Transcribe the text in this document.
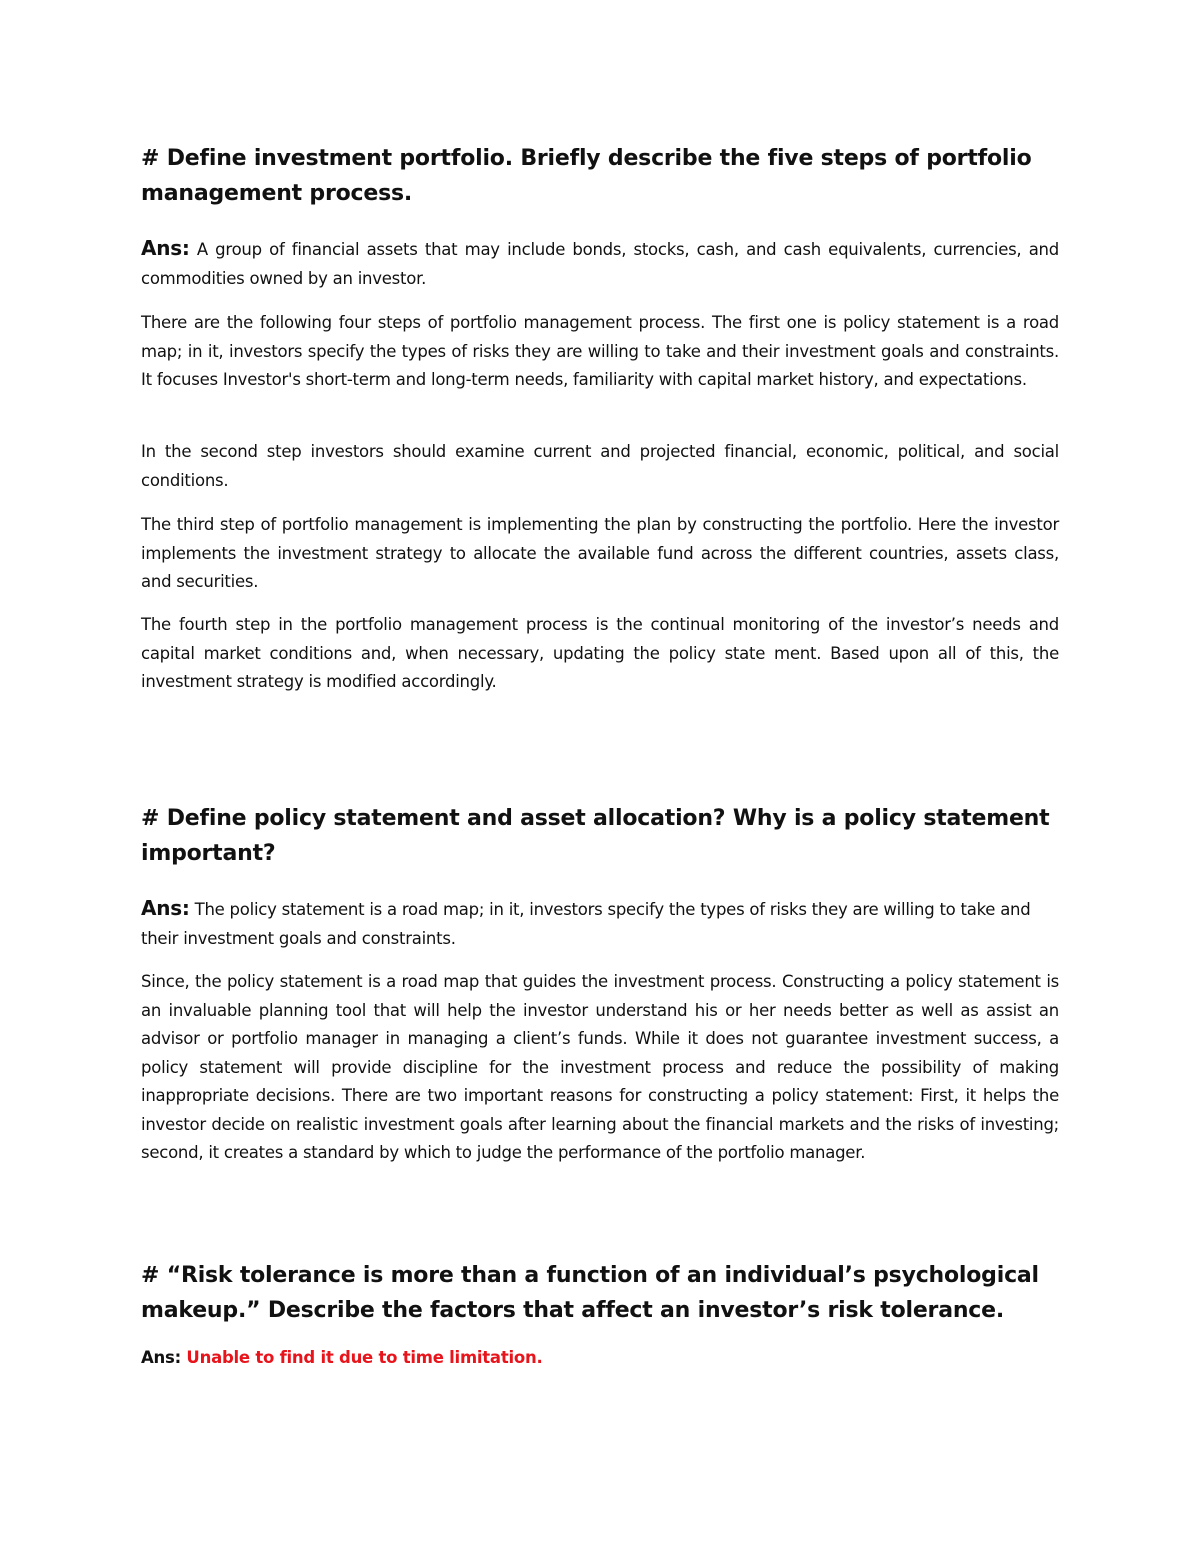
# Define investment portfolio. Briefly describe the five steps of portfolio management process.

Ans: A group of financial assets that may include bonds, stocks, cash, and cash equivalents, currencies, and commodities owned by an investor.

There are the following four steps of portfolio management process. The first one is policy statement is a road map; in it, investors specify the types of risks they are willing to take and their investment goals and constraints. It focuses Investor's short-term and long-term needs, familiarity with capital market history, and expectations.

In the second step investors should examine current and projected financial, economic, political, and social conditions.

The third step of portfolio management is implementing the plan by constructing the portfolio. Here the investor implements the investment strategy to allocate the available fund across the different countries, assets class, and securities.

The fourth step in the portfolio management process is the continual monitoring of the investor’s needs and capital market conditions and, when necessary, updating the policy state ment. Based upon all of this, the investment strategy is modified accordingly.

# Define policy statement and asset allocation? Why is a policy statement important?

Ans: The policy statement is a road map; in it, investors specify the types of risks they are willing to take and their investment goals and constraints.

Since, the policy statement is a road map that guides the investment process. Constructing a policy statement is an invaluable planning tool that will help the investor understand his or her needs better as well as assist an advisor or portfolio manager in managing a client’s funds. While it does not guarantee investment success, a policy statement will provide discipline for the investment process and reduce the possibility of making inappropriate decisions. There are two important reasons for constructing a policy statement: First, it helps the investor decide on realistic investment goals after learning about the financial markets and the risks of investing; second, it creates a standard by which to judge the performance of the portfolio manager.

# “Risk tolerance is more than a function of an individual’s psychological makeup.” Describe the factors that affect an investor’s risk tolerance.

Ans: Unable to find it due to time limitation.
